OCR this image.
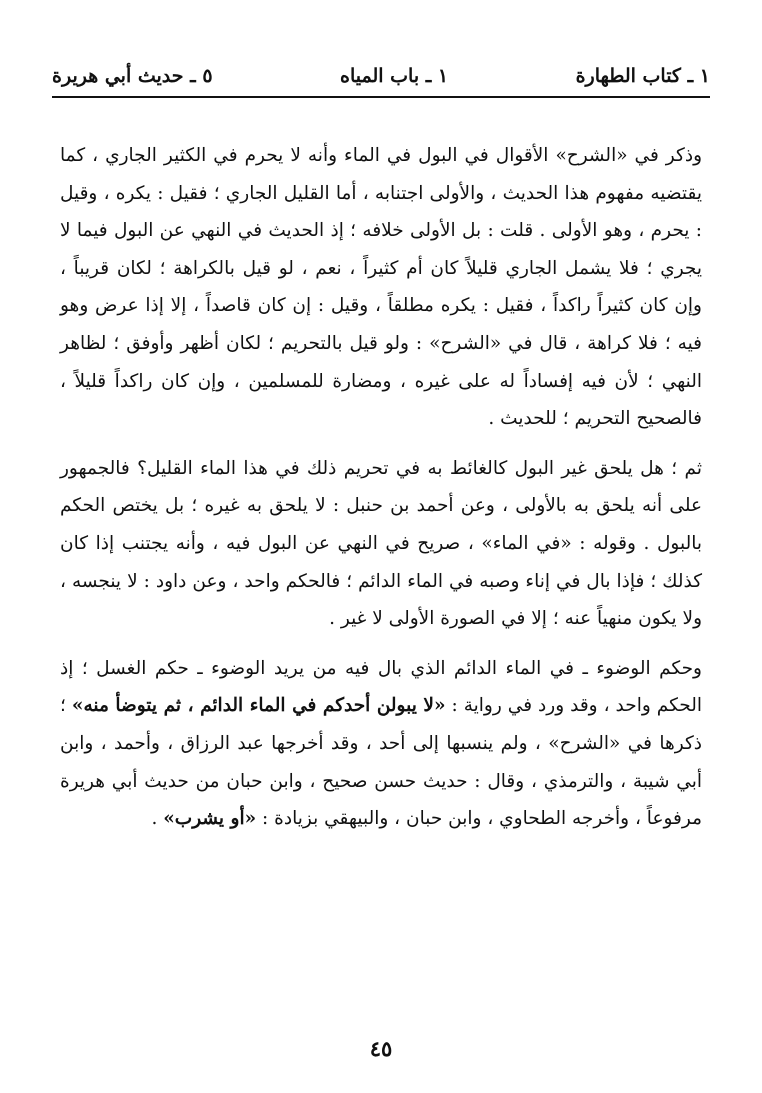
٥ ـ حديث أبي هريرة	١ ـ باب المياه	١ ـ كتاب الطهارة

وذكر في «الشرح» الأقوال في البول في الماء وأنه لا يحرم في الكثير الجاري ، كما يقتضيه مفهوم هذا الحديث ، والأولى اجتنابه ، أما القليل الجاري ؛ فقيل : يكره ، وقيل : يحرم ، وهو الأولى . قلت : بل الأولى خلافه ؛ إذ الحديث في النهي عن البول فيما لا يجري ؛ فلا يشمل الجاري قليلاً كان أم كثيراً ، نعم ، لو قيل بالكراهة ؛ لكان قريباً ، وإن كان كثيراً راكداً ، فقيل : يكره مطلقاً ، وقيل : إن كان قاصداً ، إلا إذا عرض وهو فيه ؛ فلا كراهة ، قال في «الشرح» : ولو قيل بالتحريم ؛ لكان أظهر وأوفق ؛ لظاهر النهي ؛ لأن فيه إفساداً له على غيره ، ومضارة للمسلمين ، وإن كان راكداً قليلاً ، فالصحيح التحريم ؛ للحديث .

ثم ؛ هل يلحق غير البول كالغائط به في تحريم ذلك في هذا الماء القليل؟ فالجمهور على أنه يلحق به بالأولى ، وعن أحمد بن حنبل : لا يلحق به غيره ؛ بل يختص الحكم بالبول . وقوله : «في الماء» ، صريح في النهي عن البول فيه ، وأنه يجتنب إذا كان كذلك ؛ فإذا بال في إناء وصبه في الماء الدائم ؛ فالحكم واحد ، وعن داود : لا ينجسه ، ولا يكون منهياً عنه ؛ إلا في الصورة الأولى لا غير .

وحكم الوضوء ـ في الماء الدائم الذي بال فيه من يريد الوضوء ـ حكم الغسل ؛ إذ الحكم واحد ، وقد ورد في رواية : «لا يبولن أحدكم في الماء الدائم ، ثم يتوضأ منه» ؛ ذكرها في «الشرح» ، ولم ينسبها إلى أحد ، وقد أخرجها عبد الرزاق ، وأحمد ، وابن أبي شيبة ، والترمذي ، وقال : حديث حسن صحيح ، وابن حبان من حديث أبي هريرة مرفوعاً ، وأخرجه الطحاوي ، وابن حبان ، والبيهقي بزيادة : «أو يشرب» .

٤٥
